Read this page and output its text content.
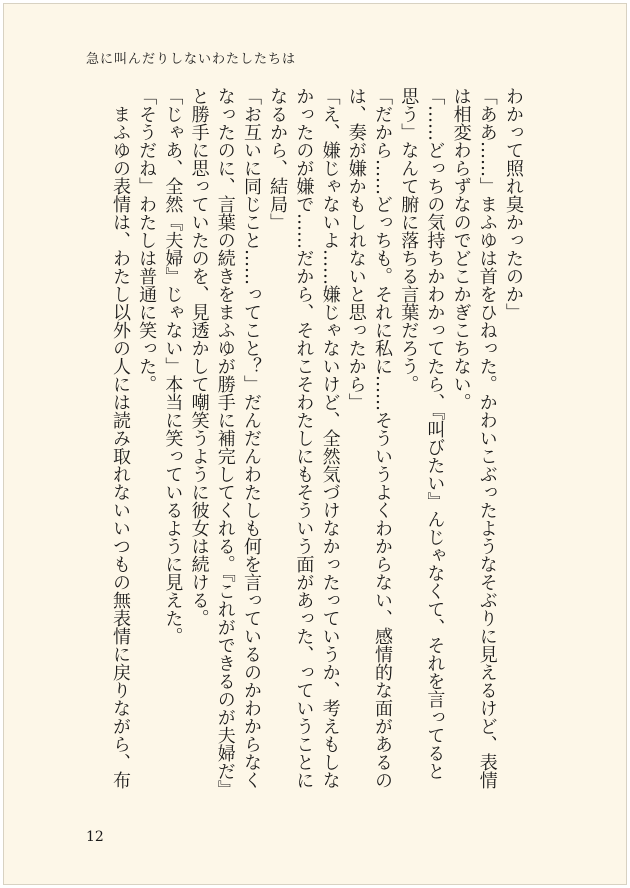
急に叫んだりしないわたしたちは
わかって照れ臭かったのか」
「ああ……」まふゆは首をひねった。かわいこぶったようなそぶりに見えるけど、表情
は相変わらずなのでどこかぎこちない。
「……どっちの気持ちかわかってたら、『叫びたい』んじゃなくて、それを言ってると
思う」なんて腑に落ちる言葉だろう。
「だから……どっちも。それに私に……そういうよくわからない、感情的な面があるの
は、奏が嫌かもしれないと思ったから」
「え、嫌じゃないよ……嫌じゃないけど、全然気づけなかったっていうか、考えもしな
かったのが嫌で……だから、それこそわたしにもそういう面があった、っていうことに
なるから、結局」
「お互いに同じこと……ってこと？」だんだんわたしも何を言っているのかわからなく
なったのに、言葉の続きをまふゆが勝手に補完してくれる。『これができるのが夫婦だ』
と勝手に思っていたのを、見透かして嘲笑うように彼女は続ける。
「じゃあ、全然『夫婦』じゃない」本当に笑っているように見えた。
「そうだね」わたしは普通に笑った。
　まふゆの表情は、わたし以外の人には読み取れないいつもの無表情に戻りながら、布
12
